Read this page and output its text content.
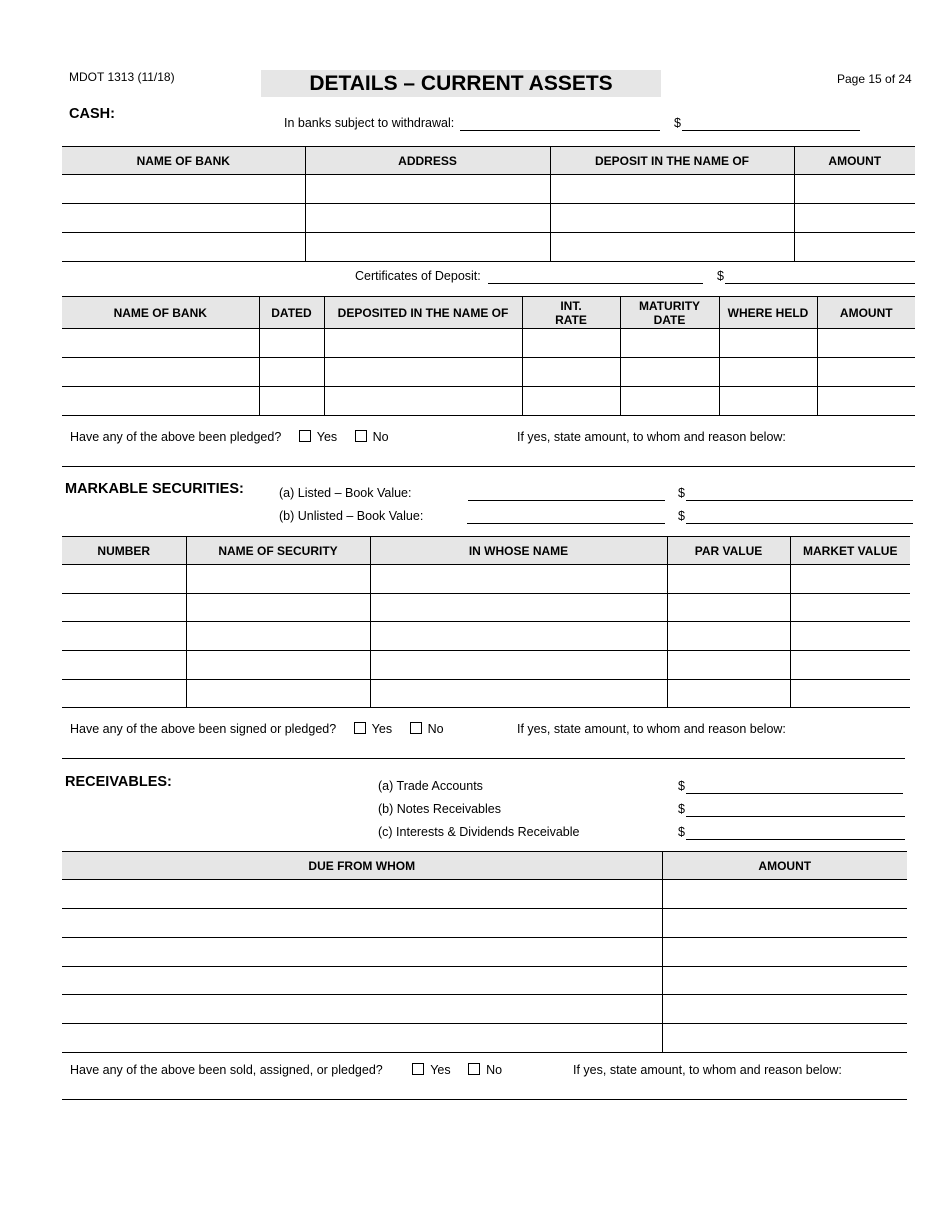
MDOT 1313 (11/18)	DETAILS – CURRENT ASSETS	Page 15 of 24
CASH:
In banks subject to withdrawal:	$
NAME OF BANK	ADDRESS	DEPOSIT IN THE NAME OF	AMOUNT

Certificates of Deposit:	$
NAME OF BANK	DATED	DEPOSITED IN THE NAME OF	INT. RATE	MATURITY DATE	WHERE HELD	AMOUNT

Have any of the above been pledged?	Yes	No	If yes, state amount, to whom and reason below:
MARKABLE SECURITIES:	(a) Listed – Book Value:	$
(b) Unlisted – Book Value:	$
NUMBER	NAME OF SECURITY	IN WHOSE NAME	PAR VALUE	MARKET VALUE

Have any of the above been signed or pledged?	Yes	No	If yes, state amount, to whom and reason below:
RECEIVABLES:	(a) Trade Accounts	$
(b) Notes Receivables	$
(c) Interests & Dividends Receivable	$
DUE FROM WHOM	AMOUNT

Have any of the above been sold, assigned, or pledged?	Yes	No	If yes, state amount, to whom and reason below:
